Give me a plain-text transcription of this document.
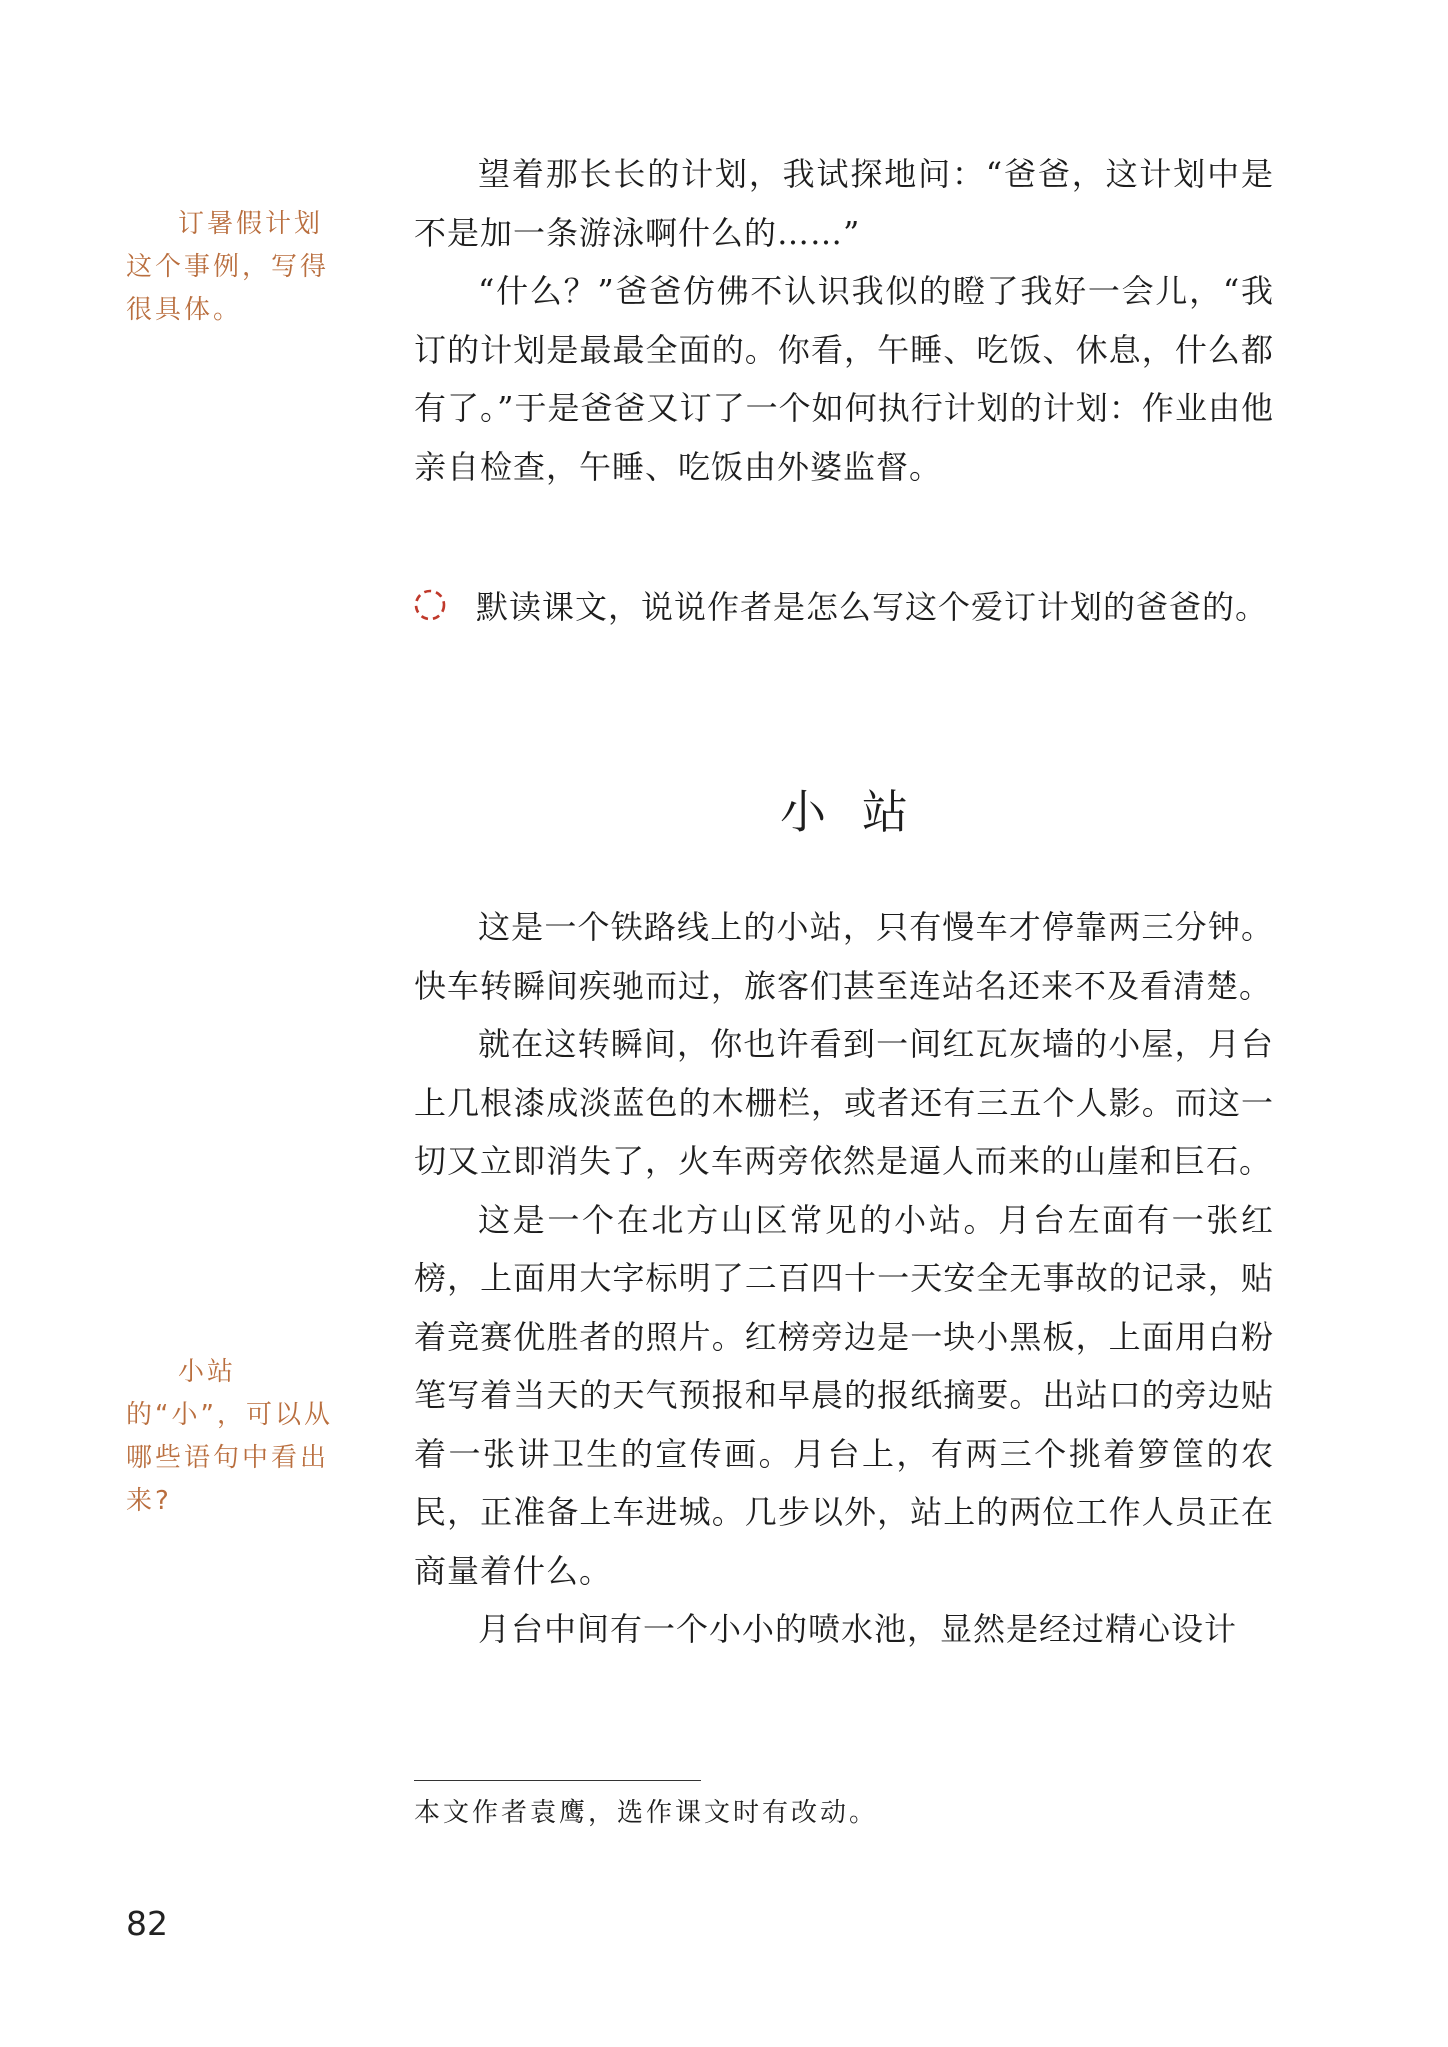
望着那长长的计划，我试探地问：“爸爸，这计划中是不是加一条游泳啊什么的……”

“什么？”爸爸仿佛不认识我似的瞪了我好一会儿，“我订的计划是最最全面的。你看，午睡、吃饭、休息，什么都有了。”于是爸爸又订了一个如何执行计划的计划：作业由他亲自检查，午睡、吃饭由外婆监督。

订暑假计划这个事例，写得很具体。

默读课文，说说作者是怎么写这个爱订计划的爸爸的。
小站

这是一个铁路线上的小站，只有慢车才停靠两三分钟。快车转瞬间疾驰而过，旅客们甚至连站名还来不及看清楚。

就在这转瞬间，你也许看到一间红瓦灰墙的小屋，月台上几根漆成淡蓝色的木栅栏，或者还有三五个人影。而这一切又立即消失了，火车两旁依然是逼人而来的山崖和巨石。

这是一个在北方山区常见的小站。月台左面有一张红榜，上面用大字标明了二百四十一天安全无事故的记录，贴着竞赛优胜者的照片。红榜旁边是一块小黑板，上面用白粉笔写着当天的天气预报和早晨的报纸摘要。出站口的旁边贴着一张讲卫生的宣传画。月台上，有两三个挑着箩筐的农民，正准备上车进城。几步以外，站上的两位工作人员正在商量着什么。

月台中间有一个小小的喷水池，显然是经过精心设计

小站的“小”，可以从哪些语句中看出来?

本文作者袁鹰，选作课文时有改动。
82
